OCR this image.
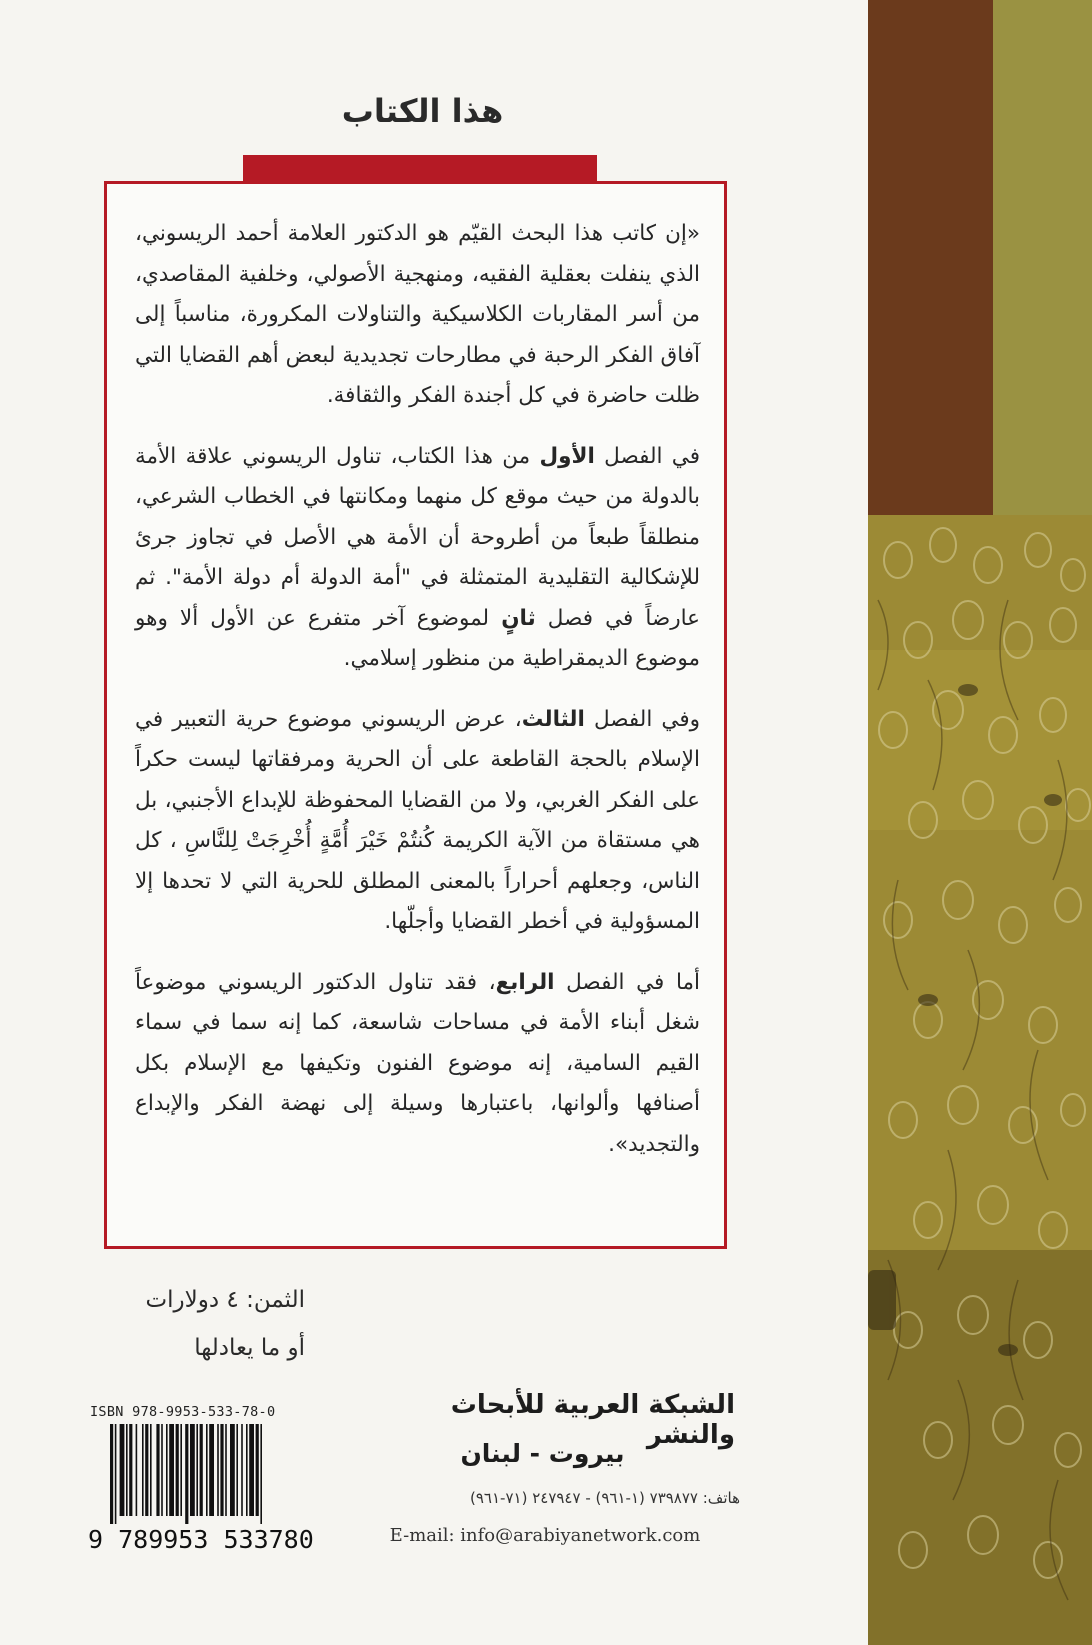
هذا الكتاب

«إن كاتب هذا البحث القيّم هو الدكتور العلامة أحمد الريسوني، الذي ينفلت بعقلية الفقيه، ومنهجية الأصولي، وخلفية المقاصدي، من أسر المقاربات الكلاسيكية والتناولات المكرورة، مناسباً إلى آفاق الفكر الرحبة في مطارحات تجديدية لبعض أهم القضايا التي ظلت حاضرة في كل أجندة الفكر والثقافة.

في الفصل الأول من هذا الكتاب، تناول الريسوني علاقة الأمة بالدولة من حيث موقع كل منهما ومكانتها في الخطاب الشرعي، منطلقاً طبعاً من أطروحة أن الأمة هي الأصل في تجاوز جرئ للإشكالية التقليدية المتمثلة في "أمة الدولة أم دولة الأمة". ثم عارضاً في فصل ثانٍ لموضوع آخر متفرع عن الأول ألا وهو موضوع الديمقراطية من منظور إسلامي.

وفي الفصل الثالث، عرض الريسوني موضوع حرية التعبير في الإسلام بالحجة القاطعة على أن الحرية ومرفقاتها ليست حكراً على الفكر الغربي، ولا من القضايا المحفوظة للإبداع الأجنبي، بل هي مستقاة من الآية الكريمة كُنتُمْ خَيْرَ أُمَّةٍ أُخْرِجَتْ لِلنَّاسِ ، كل الناس، وجعلهم أحراراً بالمعنى المطلق للحرية التي لا تحدها إلا المسؤولية في أخطر القضايا وأجلّها.

أما في الفصل الرابع، فقد تناول الدكتور الريسوني موضوعاً شغل أبناء الأمة في مساحات شاسعة، كما إنه سما في سماء القيم السامية، إنه موضوع الفنون وتكيفها مع الإسلام بكل أصنافها وألوانها، باعتبارها وسيلة إلى نهضة الفكر والإبداع والتجديد».

الثمن: ٤ دولارات
أو ما يعادلها
الشبكة العربية للأبحاث والنشر
بيروت - لبنان
هاتف: ٧٣٩٨٧٧ (١-٩٦١) - ٢٤٧٩٤٧ (٧١-٩٦١)
E-mail: info@arabiyanetwork.com
ISBN 978-9953-533-78-0
9 789953 533780
